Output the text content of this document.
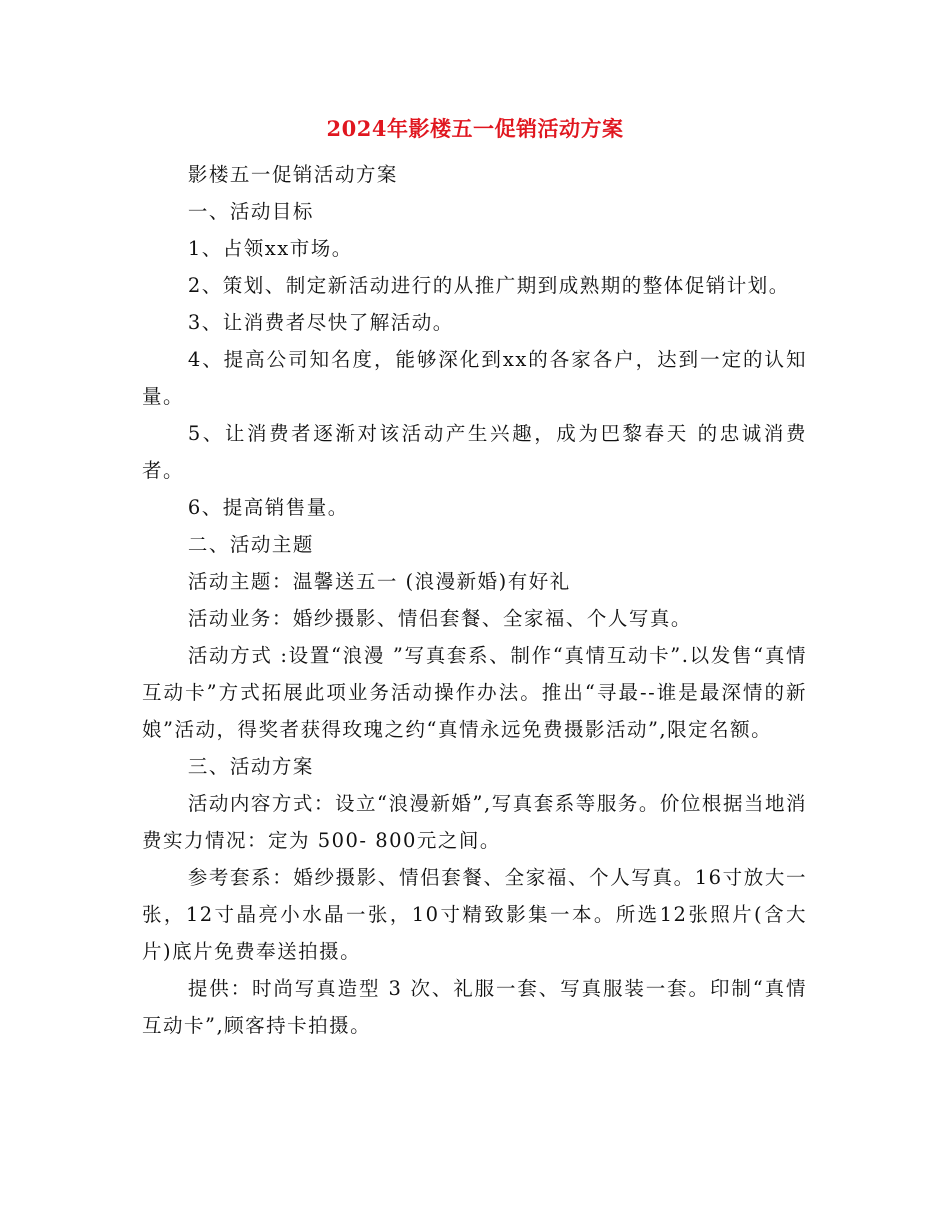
2024年影楼五一促销活动方案

影楼五一促销活动方案

一、活动目标

1、占领xx市场。

2、策划、制定新活动进行的从推广期到成熟期的整体促销计划。

3、让消费者尽快了解活动。

4、提高公司知名度，能够深化到xx的各家各户，达到一定的认知量。

5、让消费者逐渐对该活动产生兴趣，成为巴黎春天 的忠诚消费者。

6、提高销售量。

二、活动主题

活动主题：温馨送五一 (浪漫新婚)有好礼

活动业务：婚纱摄影、情侣套餐、全家福、个人写真。

活动方式 :设置“浪漫 ”写真套系、制作“真情互动卡”.以发售“真情互动卡”方式拓展此项业务活动操作办法。推出“寻最--谁是最深情的新娘”活动，得奖者获得玫瑰之约“真情永远免费摄影活动”,限定名额。

三、活动方案

活动内容方式：设立“浪漫新婚”,写真套系等服务。价位根据当地消费实力情况：定为 500- 800元之间。

参考套系：婚纱摄影、情侣套餐、全家福、个人写真。16寸放大一张，12寸晶亮小水晶一张，10寸精致影集一本。所选12张照片(含大片)底片免费奉送拍摄。

提供：时尚写真造型 3 次、礼服一套、写真服装一套。印制“真情互动卡”,顾客持卡拍摄。
